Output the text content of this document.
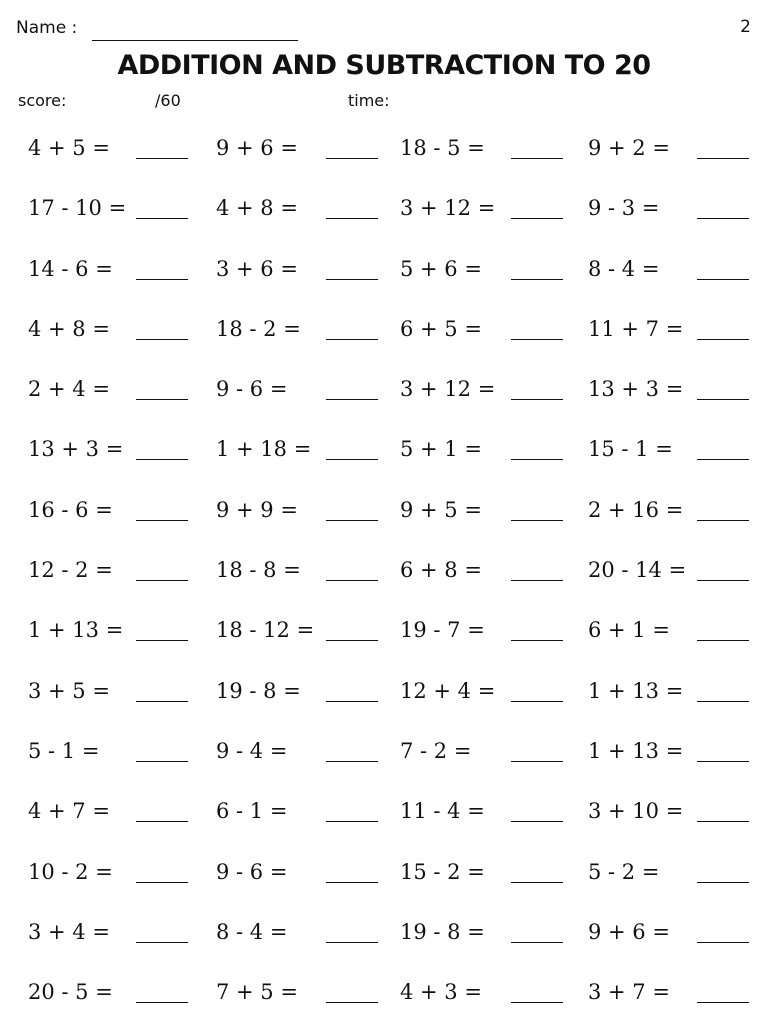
Name :	2
ADDITION AND SUBTRACTION TO 20
score:	/60	time:
4 + 5 =	9 + 6 =	18 - 5 =	9 + 2 =
17 - 10 =	4 + 8 =	3 + 12 =	9 - 3 =
14 - 6 =	3 + 6 =	5 + 6 =	8 - 4 =
4 + 8 =	18 - 2 =	6 + 5 =	11 + 7 =
2 + 4 =	9 - 6 =	3 + 12 =	13 + 3 =
13 + 3 =	1 + 18 =	5 + 1 =	15 - 1 =
16 - 6 =	9 + 9 =	9 + 5 =	2 + 16 =
12 - 2 =	18 - 8 =	6 + 8 =	20 - 14 =
1 + 13 =	18 - 12 =	19 - 7 =	6 + 1 =
3 + 5 =	19 - 8 =	12 + 4 =	1 + 13 =
5 - 1 =	9 - 4 =	7 - 2 =	1 + 13 =
4 + 7 =	6 - 1 =	11 - 4 =	3 + 10 =
10 - 2 =	9 - 6 =	15 - 2 =	5 - 2 =
3 + 4 =	8 - 4 =	19 - 8 =	9 + 6 =
20 - 5 =	7 + 5 =	4 + 3 =	3 + 7 =
